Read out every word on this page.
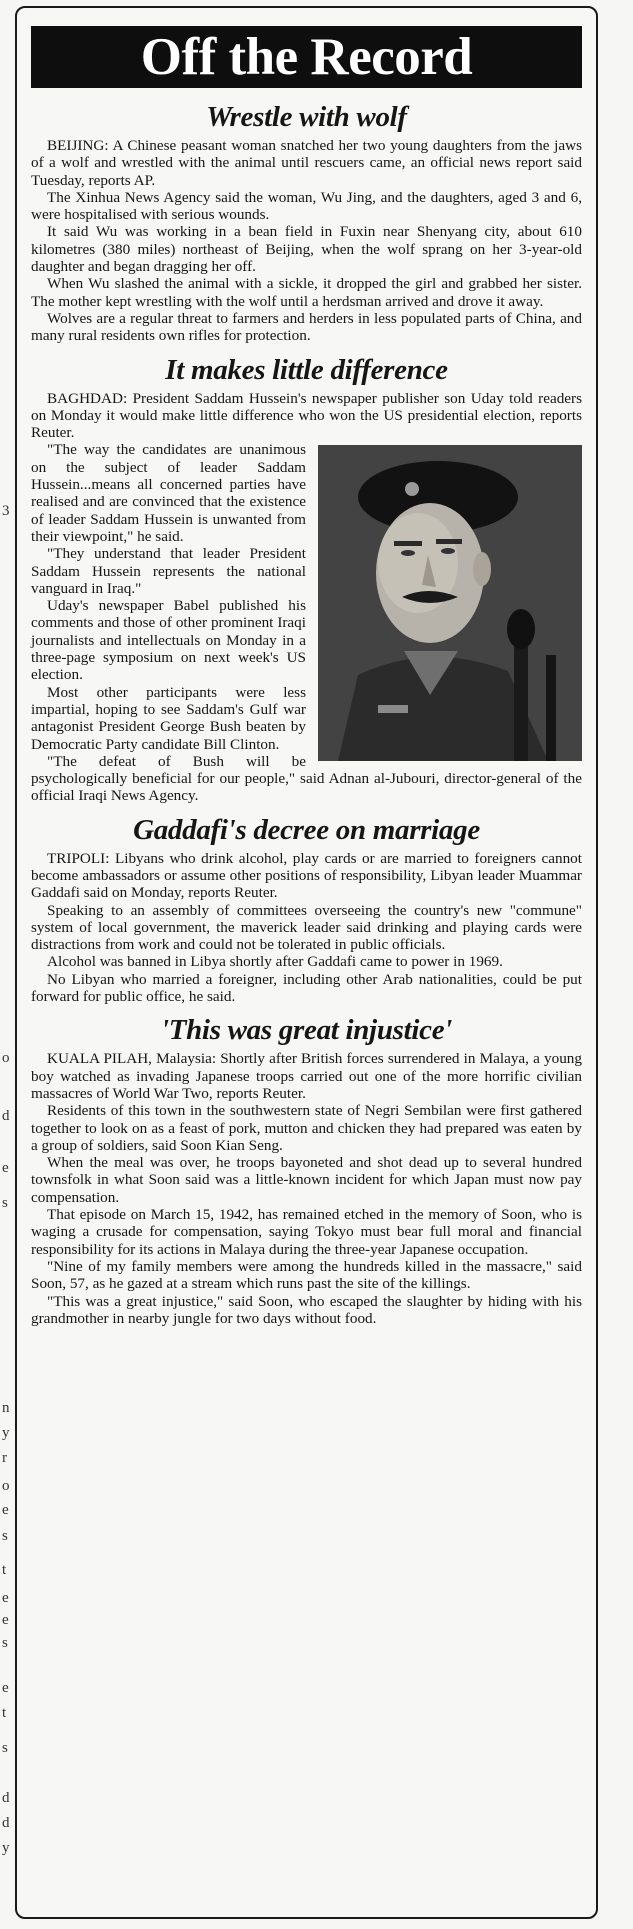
3
o
d
e
s
n
y
r
o
e
s
t
e
e
s
e
t
s
d
d
y
Off the Record
Wrestle with wolf

BEIJING: A Chinese peasant woman snatched her two young daughters from the jaws of a wolf and wrestled with the animal until rescuers came, an official news report said Tuesday, reports AP.

The Xinhua News Agency said the woman, Wu Jing, and the daughters, aged 3 and 6, were hospitalised with serious wounds.

It said Wu was working in a bean field in Fuxin near Shenyang city, about 610 kilometres (380 miles) northeast of Beijing, when the wolf sprang on her 3-year-old daughter and began dragging her off.

When Wu slashed the animal with a sickle, it dropped the girl and grabbed her sister. The mother kept wrestling with the wolf until a herdsman arrived and drove it away.

Wolves are a regular threat to farmers and herders in less populated parts of China, and many rural residents own rifles for protection.

It makes little difference

BAGHDAD: President Saddam Hussein's newspaper publisher son Uday told readers on Monday it would make little difference who won the US presidential election, reports Reuter.

"The way the candidates are unanimous on the subject of leader Saddam Hussein...means all concerned parties have realised and are convinced that the existence of leader Saddam Hussein is unwanted from their viewpoint," he said.

"They understand that leader President Saddam Hussein represents the national vanguard in Iraq."

Uday's newspaper Babel published his comments and those of other prominent Iraqi journalists and intellectuals on Monday in a three-page symposium on next week's US election.

Most other participants were less impartial, hoping to see Saddam's Gulf war antagonist President George Bush beaten by Democratic Party candidate Bill Clinton.

"The defeat of Bush will be psychologically beneficial for our people," said Adnan al-Jubouri, director-general of the official Iraqi News Agency.

Gaddafi's decree on marriage

TRIPOLI: Libyans who drink alcohol, play cards or are married to foreigners cannot become ambassadors or assume other positions of responsibility, Libyan leader Muammar Gaddafi said on Monday, reports Reuter.

Speaking to an assembly of committees overseeing the country's new "commune" system of local government, the maverick leader said drinking and playing cards were distractions from work and could not be tolerated in public officials.

Alcohol was banned in Libya shortly after Gaddafi came to power in 1969.

No Libyan who married a foreigner, including other Arab nationalities, could be put forward for public office, he said.

'This was great injustice'

KUALA PILAH, Malaysia: Shortly after British forces surrendered in Malaya, a young boy watched as invading Japanese troops carried out one of the more horrific civilian massacres of World War Two, reports Reuter.

Residents of this town in the southwestern state of Negri Sembilan were first gathered together to look on as a feast of pork, mutton and chicken they had prepared was eaten by a group of soldiers, said Soon Kian Seng.

When the meal was over, he troops bayoneted and shot dead up to several hundred townsfolk in what Soon said was a little-known incident for which Japan must now pay compensation.

That episode on March 15, 1942, has remained etched in the memory of Soon, who is waging a crusade for compensation, saying Tokyo must bear full moral and financial responsibility for its actions in Malaya during the three-year Japanese occupation.

"Nine of my family members were among the hundreds killed in the massacre," said Soon, 57, as he gazed at a stream which runs past the site of the killings.

"This was a great injustice," said Soon, who escaped the slaughter by hiding with his grandmother in nearby jungle for two days without food.
